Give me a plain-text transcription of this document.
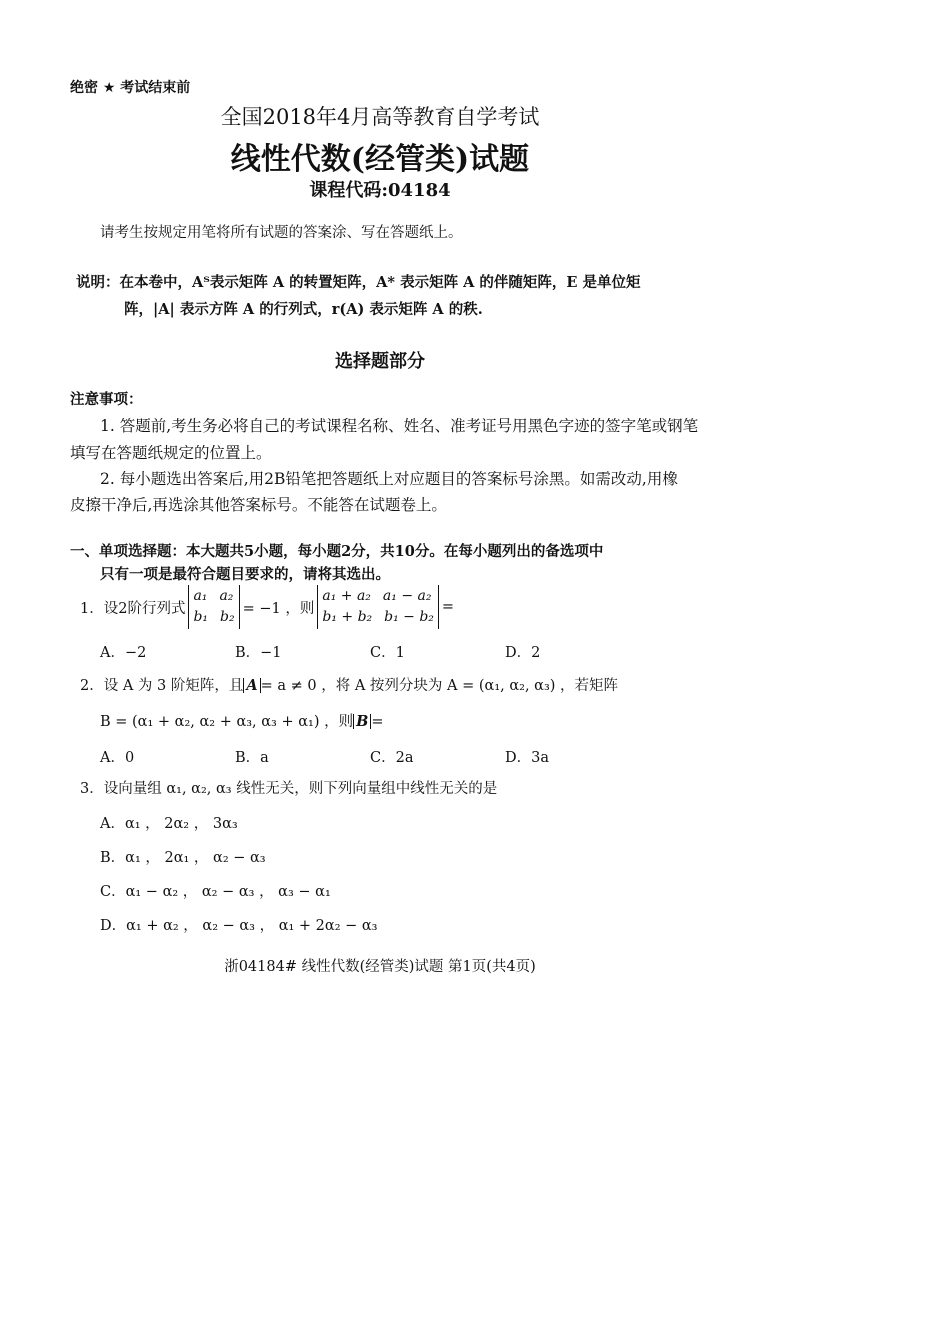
绝密 ★ 考试结束前
全国2018年4月高等教育自学考试
线性代数(经管类)试题
课程代码:04184
请考生按规定用笔将所有试题的答案涂、写在答题纸上。
说明：在本卷中，Aᵀ表示矩阵 A 的转置矩阵，A* 表示矩阵 A 的伴随矩阵，E 是单位矩
阵，|A| 表示方阵 A 的行列式，r(A) 表示矩阵 A 的秩.
选择题部分
注意事项：
1. 答题前,考生务必将自己的考试课程名称、姓名、准考证号用黑色字迹的签字笔或钢笔
填写在答题纸规定的位置上。
2. 每小题选出答案后,用2B铅笔把答题纸上对应题目的答案标号涂黑。如需改动,用橡
皮擦干净后,再选涂其他答案标号。不能答在试题卷上。
一、单项选择题：本大题共5小题，每小题2分，共10分。在每小题列出的备选项中
只有一项是最符合题目要求的，请将其选出。
1．设2阶行列式
a₁ a₂
b₁ b₂
= −1 ，则
a₁ + a₂ a₁ − a₂
b₁ + b₂ b₁ − b₂
=
A．−2	B．−1	C．1	D．2
2．设 A 为 3 阶矩阵，且 A = a ≠ 0 ，将 A 按列分块为 A = (α₁, α₂, α₃) ，若矩阵
B = (α₁ + α₂, α₂ + α₃, α₃ + α₁) ，则 B =
A．0	B．a	C．2a	D．3a
3．设向量组 α₁, α₂, α₃ 线性无关，则下列向量组中线性无关的是
A．α₁ ， 2α₂ ， 3α₃
B．α₁ ， 2α₁ ， α₂ − α₃
C．α₁ − α₂ ， α₂ − α₃ ， α₃ − α₁
D．α₁ + α₂ ， α₂ − α₃ ， α₁ + 2α₂ − α₃
浙04184# 线性代数(经管类)试题 第1页(共4页)
